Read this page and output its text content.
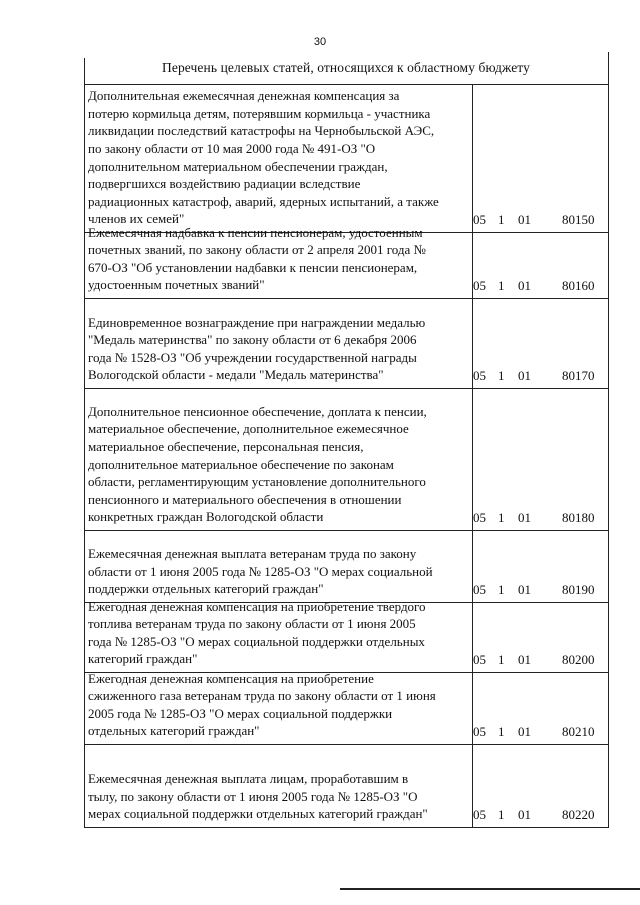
30
Перечень целевых статей, относящихся к областному бюджету
Дополнительная ежемесячная денежная компенсация за
потерю кормильца детям, потерявшим кормильца - участника
ликвидации последствий катастрофы на Чернобыльской АЭС,
по закону области от 10 мая 2000 года № 491-ОЗ "О
дополнительном материальном обеспечении граждан,
подвергшихся воздействию радиации вследствие
радиационных катастроф, аварий, ядерных испытаний, а также
членов их семей"	05 1 01 80150
Ежемесячная надбавка к пенсии пенсионерам, удостоенным
почетных званий, по закону области от 2 апреля 2001 года №
670-ОЗ "Об установлении надбавки к пенсии пенсионерам,
удостоенным почетных званий"	05 1 01 80160
Единовременное вознаграждение при награждении медалью
"Медаль материнства" по закону области от 6 декабря 2006
года № 1528-ОЗ "Об учреждении государственной награды
Вологодской области - медали "Медаль материнства"	05 1 01 80170
Дополнительное пенсионное обеспечение, доплата к пенсии,
материальное обеспечение, дополнительное ежемесячное
материальное обеспечение, персональная пенсия,
дополнительное материальное обеспечение по законам
области, регламентирующим установление дополнительного
пенсионного и материального обеспечения в отношении
конкретных граждан Вологодской области	05 1 01 80180
Ежемесячная денежная выплата ветеранам труда по закону
области от 1 июня 2005 года № 1285-ОЗ "О мерах социальной
поддержки отдельных категорий граждан"	05 1 01 80190
Ежегодная денежная компенсация на приобретение твердого
топлива ветеранам труда по закону области от 1 июня 2005
года № 1285-ОЗ "О мерах социальной поддержки отдельных
категорий граждан"	05 1 01 80200
Ежегодная денежная компенсация на приобретение
сжиженного газа ветеранам труда по закону области от 1 июня
2005 года № 1285-ОЗ "О мерах социальной поддержки
отдельных категорий граждан"	05 1 01 80210
Ежемесячная денежная выплата лицам, проработавшим в
тылу, по закону области от 1 июня 2005 года № 1285-ОЗ "О
мерах социальной поддержки отдельных категорий граждан"	05 1 01 80220
